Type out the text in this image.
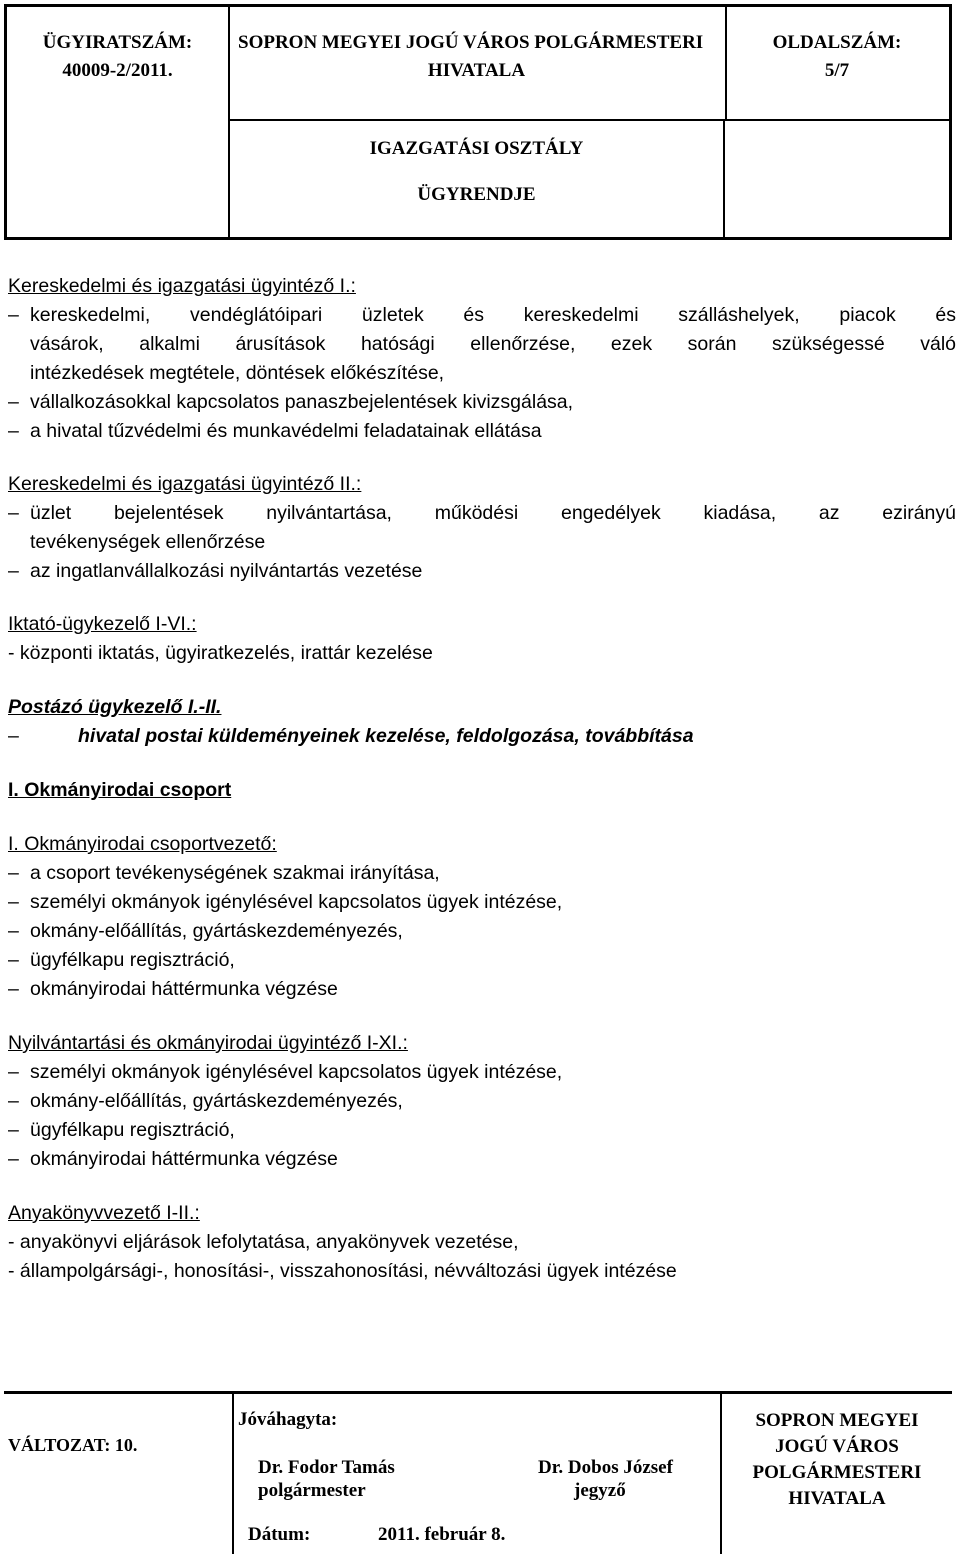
ÜGYIRATSZÁM:
40009-2/2011.
SOPRON MEGYEI JOGÚ VÁROS POLGÁRMESTERI
HIVATALA
OLDALSZÁM:
5/7
IGAZGATÁSI OSZTÁLY
ÜGYRENDJE
Kereskedelmi és igazgatási ügyintéző I.:
– kereskedelmi, vendéglátóipari üzletek és kereskedelmi szálláshelyek, piacok és
vásárok, alkalmi árusítások hatósági ellenőrzése, ezek során szükségessé váló
intézkedések megtétele, döntések előkészítése,
– vállalkozásokkal kapcsolatos panaszbejelentések kivizsgálása,
– a hivatal tűzvédelmi és munkavédelmi feladatainak ellátása
Kereskedelmi és igazgatási ügyintéző II.:
– üzlet bejelentések nyilvántartása, működési engedélyek kiadása, az ezirányú
tevékenységek ellenőrzése
– az ingatlanvállalkozási nyilvántartás vezetése
Iktató-ügykezelő I-VI.:
- központi iktatás, ügyiratkezelés, irattár kezelése
Postázó ügykezelő I.-II.
–	hivatal postai küldeményeinek kezelése, feldolgozása, továbbítása
I. Okmányirodai csoport
I. Okmányirodai csoportvezető:
– a csoport tevékenységének szakmai irányítása,
– személyi okmányok igénylésével kapcsolatos ügyek intézése,
– okmány-előállítás, gyártáskezdeményezés,
– ügyfélkapu regisztráció,
– okmányirodai háttérmunka végzése
Nyilvántartási és okmányirodai ügyintéző I-XI.:
– személyi okmányok igénylésével kapcsolatos ügyek intézése,
– okmány-előállítás, gyártáskezdeményezés,
– ügyfélkapu regisztráció,
– okmányirodai háttérmunka végzése
Anyakönyvvezető I-II.:
- anyakönyvi eljárások lefolytatása, anyakönyvek vezetése,
- állampolgársági-, honosítási-, visszahonosítási, névváltozási ügyek intézése
VÁLTOZAT: 10.
Jóváhagyta:
Dr. Fodor Tamás
polgármester
Dr. Dobos József
jegyző
Dátum:	2011. február 8.
SOPRON MEGYEI
JOGÚ VÁROS
POLGÁRMESTERI
HIVATALA
